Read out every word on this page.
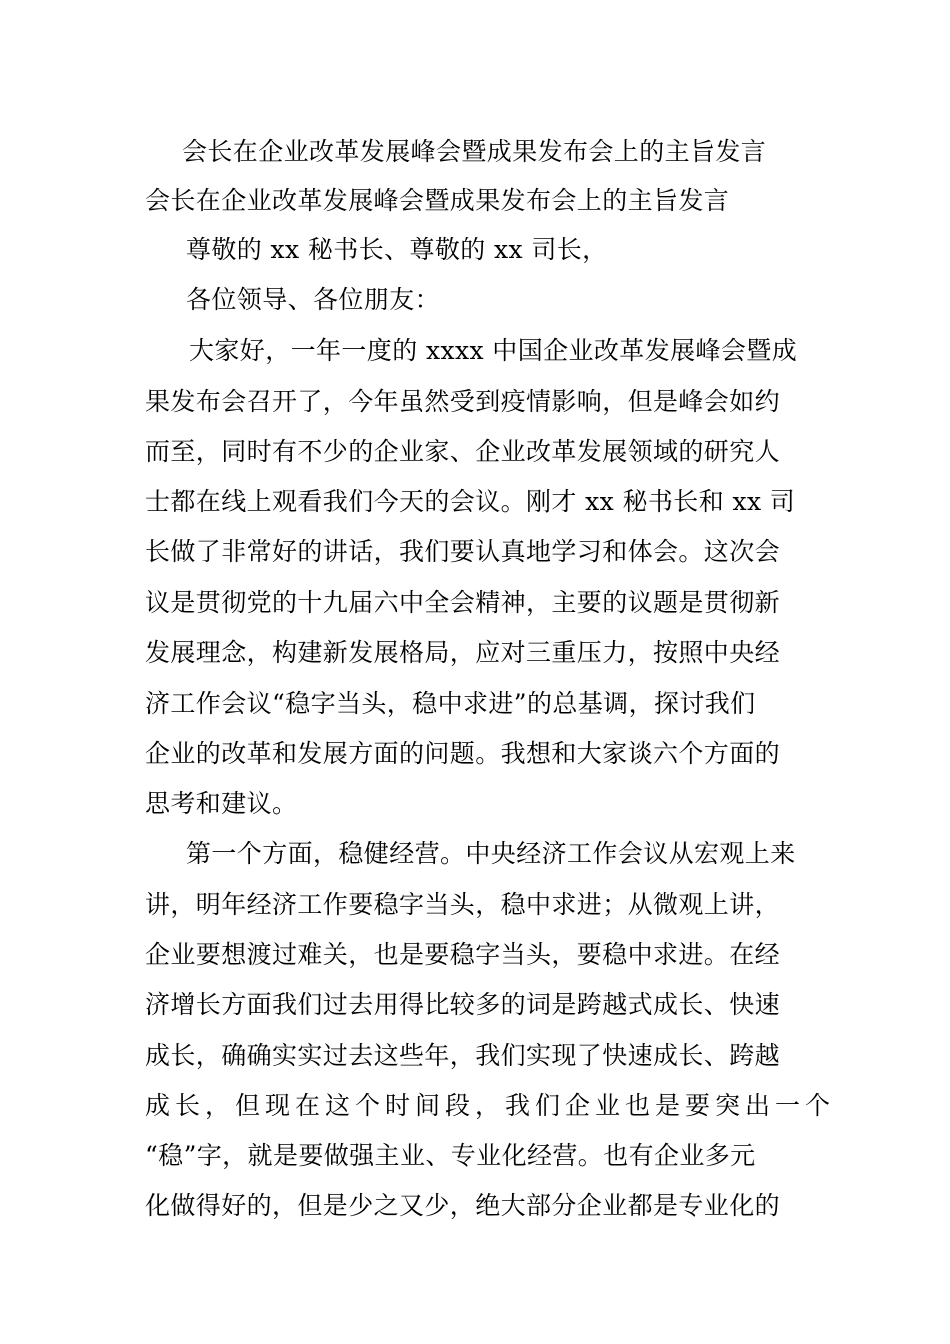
会长在企业改革发展峰会暨成果发布会上的主旨发言
会长在企业改革发展峰会暨成果发布会上的主旨发言
尊敬的 xx 秘书长、尊敬的 xx 司长，
各位领导、各位朋友：
大家好，一年一度的 xxxx 中国企业改革发展峰会暨成
果发布会召开了，今年虽然受到疫情影响，但是峰会如约
而至，同时有不少的企业家、企业改革发展领域的研究人
士都在线上观看我们今天的会议。刚才 xx 秘书长和 xx 司
长做了非常好的讲话，我们要认真地学习和体会。这次会
议是贯彻党的十九届六中全会精神，主要的议题是贯彻新
发展理念，构建新发展格局，应对三重压力，按照中央经
济工作会议“稳字当头，稳中求进”的总基调，探讨我们
企业的改革和发展方面的问题。我想和大家谈六个方面的
思考和建议。
第一个方面，稳健经营。中央经济工作会议从宏观上来
讲，明年经济工作要稳字当头，稳中求进；从微观上讲，
企业要想渡过难关，也是要稳字当头，要稳中求进。在经
济增长方面我们过去用得比较多的词是跨越式成长、快速
成长，确确实实过去这些年，我们实现了快速成长、跨越
成长，但现在这个时间段，我们企业也是要突出一个
“稳”字，就是要做强主业、专业化经营。也有企业多元
化做得好的，但是少之又少，绝大部分企业都是专业化的
